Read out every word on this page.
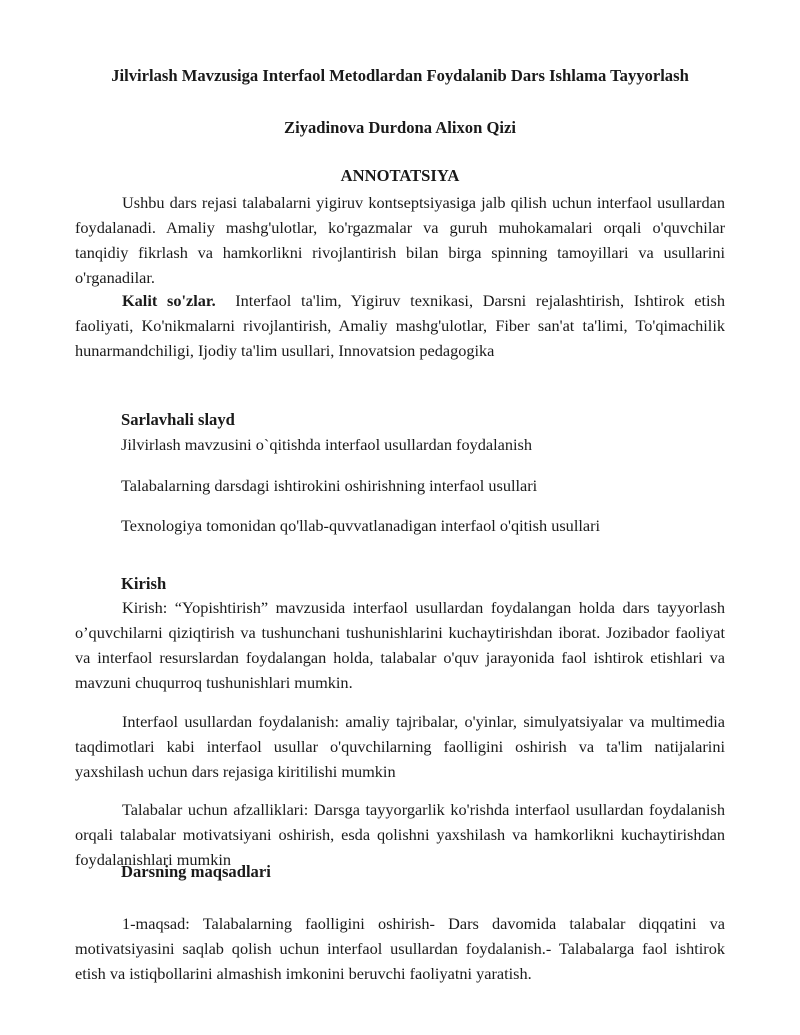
Jilvirlash Mavzusiga Interfaol Metodlardan Foydalanib Dars Ishlama Tayyorlash
Ziyadinova Durdona Alixon Qizi
ANNOTATSIYA

Ushbu dars rejasi talabalarni yigiruv kontseptsiyasiga jalb qilish uchun interfaol usullardan foydalanadi. Amaliy mashg'ulotlar, ko'rgazmalar va guruh muhokamalari orqali o'quvchilar tanqidiy fikrlash va hamkorlikni rivojlantirish bilan birga spinning tamoyillari va usullarini o'rganadilar.

Kalit so'zlar. Interfaol ta'lim, Yigiruv texnikasi, Darsni rejalashtirish, Ishtirok etish faoliyati, Ko'nikmalarni rivojlantirish, Amaliy mashg'ulotlar, Fiber san'at ta'limi, To'qimachilik hunarmandchiligi, Ijodiy ta'lim usullari, Innovatsion pedagogika

Sarlavhali slayd
Jilvirlash mavzusini o`qitishda interfaol usullardan foydalanish
Talabalarning darsdagi ishtirokini oshirishning interfaol usullari
Texnologiya tomonidan qo'llab-quvvatlanadigan interfaol o'qitish usullari
Kirish

Kirish: “Yopishtirish” mavzusida interfaol usullardan foydalangan holda dars tayyorlash o’quvchilarni qiziqtirish va tushunchani tushunishlarini kuchaytirishdan iborat. Jozibador faoliyat va interfaol resurslardan foydalangan holda, talabalar o'quv jarayonida faol ishtirok etishlari va mavzuni chuqurroq tushunishlari mumkin.

Interfaol usullardan foydalanish: amaliy tajribalar, o'yinlar, simulyatsiyalar va multimedia taqdimotlari kabi interfaol usullar o'quvchilarning faolligini oshirish va ta'lim natijalarini yaxshilash uchun dars rejasiga kiritilishi mumkin

Talabalar uchun afzalliklari: Darsga tayyorgarlik ko'rishda interfaol usullardan foydalanish orqali talabalar motivatsiyani oshirish, esda qolishni yaxshilash va hamkorlikni kuchaytirishdan foydalanishlari mumkin

Darsning maqsadlari

1-maqsad: Talabalarning faolligini oshirish- Dars davomida talabalar diqqatini va motivatsiyasini saqlab qolish uchun interfaol usullardan foydalanish.- Talabalarga faol ishtirok etish va istiqbollarini almashish imkonini beruvchi faoliyatni yaratish.
